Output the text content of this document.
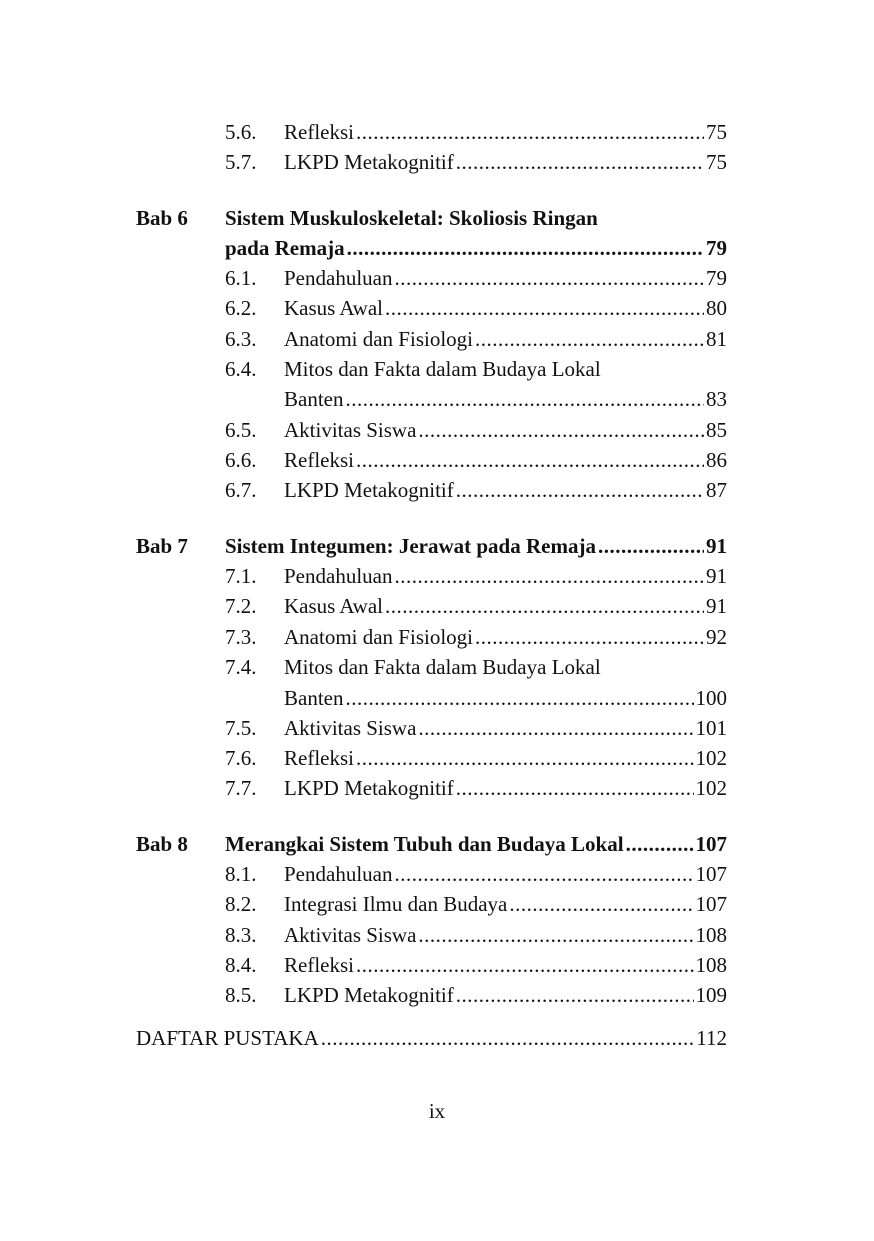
5.6. Refleksi .....	75
5.7. LKPD Metakognitif .....	75
Bab 6 Sistem Muskuloskeletal: Skoliosis Ringan
pada Remaja .....	79
6.1. Pendahuluan .....	79
6.2. Kasus Awal .....	80
6.3. Anatomi dan Fisiologi .....	81
6.4. Mitos dan Fakta dalam Budaya Lokal
Banten .....	83
6.5. Aktivitas Siswa .....	85
6.6. Refleksi .....	86
6.7. LKPD Metakognitif .....	87
Bab 7 Sistem Integumen: Jerawat pada Remaja .....	91
7.1. Pendahuluan .....	91
7.2. Kasus Awal .....	91
7.3. Anatomi dan Fisiologi .....	92
7.4. Mitos dan Fakta dalam Budaya Lokal
Banten .....	100
7.5. Aktivitas Siswa .....	101
7.6. Refleksi .....	102
7.7. LKPD Metakognitif .....	102
Bab 8 Merangkai Sistem Tubuh dan Budaya Lokal .....	107
8.1. Pendahuluan .....	107
8.2. Integrasi Ilmu dan Budaya .....	107
8.3. Aktivitas Siswa .....	108
8.4. Refleksi .....	108
8.5. LKPD Metakognitif .....	109
DAFTAR PUSTAKA .....	112
ix
